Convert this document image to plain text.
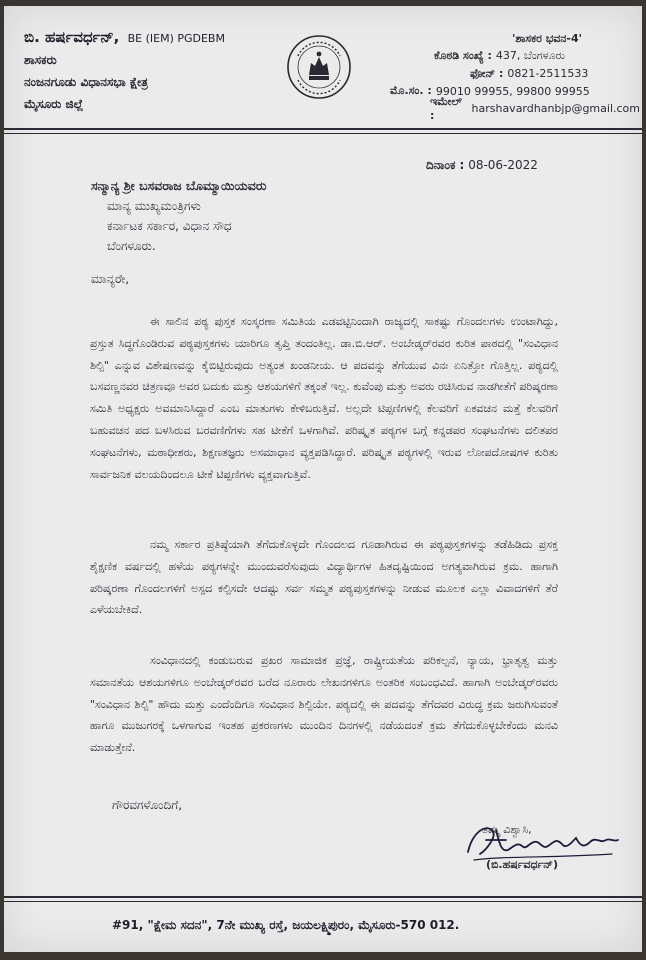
ಬಿ. ಹರ್ಷವರ್ಧನ್, BE (IEM) PGDEBM
ಶಾಸಕರು
ನಂಜನಗೂಡು ವಿಧಾನಸಭಾ ಕ್ಷೇತ್ರ
ಮೈಸೂರು ಜಿಲ್ಲೆ
'ಶಾಸಕರ ಭವನ-4'
ಕೊಠಡಿ ಸಂಖ್ಯೆ : 437, ಬೆಂಗಳೂರು
ಫೋನ್ : 0821-2511533
ಮೊ.ಸಂ. : 99010 99955, 99800 99955
ಇಮೇಲ್ :
harshavardhanbjp@gmail.com
ದಿನಾಂಕ : 08-06-2022
ಸನ್ಮಾನ್ಯ ಶ್ರೀ ಬಸವರಾಜ ಬೊಮ್ಮಾಯಿಯವರು
ಮಾನ್ಯ ಮುಖ್ಯಮಂತ್ರಿಗಳು
ಕರ್ನಾಟಕ ಸರ್ಕಾರ, ವಿಧಾನ ಸೌಧ
ಬೆಂಗಳೂರು.
ಮಾನ್ಯರೇ,
ಈ ಸಾಲಿನ ಪಠ್ಯ ಪುಸ್ತಕ ಸಂಸ್ಕರಣಾ ಸಮಿತಿಯ ಎಡವಟ್ಟಿನಿಂದಾಗಿ ರಾಜ್ಯದಲ್ಲಿ ಸಾಕಷ್ಟು ಗೊಂದಲಗಳು ಉಂಟಾಗಿದ್ದು, ಪ್ರಸ್ತುತ ಸಿದ್ಧಗೊಂಡಿರುವ ಪಠ್ಯಪುಸ್ತಕಗಳು ಯಾರಿಗೂ ತೃಪ್ತಿ ತಂದಂತಿಲ್ಲ. ಡಾ.ಬಿ.ಆರ್. ಅಂಬೇಡ್ಕರ್‌ರವರ ಕುರಿತ ಪಾಠದಲ್ಲಿ "ಸಂವಿಧಾನ ಶಿಲ್ಪಿ" ಎನ್ನುವ ವಿಶೇಷಣವನ್ನು ಕೈಬಿಟ್ಟಿರುವುದು ಅತ್ಯಂತ ಖಂಡನೀಯ. ಆ ಪದವನ್ನು ತೆಗೆಯುವ ವಿನಃ ಏನಿತ್ತೋ ಗೊತ್ತಿಲ್ಲ. ಪಠ್ಯದಲ್ಲಿ ಬಸವಣ್ಣನವರ ಚಿತ್ರಣವೂ ಅವರ ಬದುಕು ಮತ್ತು ಆಶಯಗಳಿಗೆ ತಕ್ಕಂತೆ ಇಲ್ಲ. ಕುವೆಂಪು ಮತ್ತು ಅವರು ರಚಿಸಿರುವ ನಾಡಗೀತೆಗೆ ಪರಿಷ್ಕರಣಾ ಸಮಿತಿ ಅಧ್ಯಕ್ಷರು ಅವಮಾನಿಸಿದ್ದಾರೆ ಎಂಬ ಮಾತುಗಳು ಕೇಳಿಬರುತ್ತಿವೆ. ಅಲ್ಲದೇ ಟಿಪ್ಪಣಿಗಳಲ್ಲಿ ಕೆಲವರಿಗೆ ಏಕವಚನ ಮತ್ತೆ ಕೆಲವರಿಗೆ ಬಹುವಚನ ಪದ ಬಳಸಿರುವ ಬರವಣಿಗೆಗಳು ಸಹ ಟೀಕೆಗೆ ಒಳಗಾಗಿವೆ. ಪರಿಷ್ಕೃತ ಪಠ್ಯಗಳ ಬಗ್ಗೆ ಕನ್ನಡಪರ ಸಂಘಟನೆಗಳು ದಲಿತಪರ ಸಂಘಟನೆಗಳು, ಮಠಾಧೀಶರು, ಶಿಕ್ಷಣತಜ್ಞರು ಅಸಮಾಧಾನ ವ್ಯಕ್ತಪಡಿಸಿದ್ದಾರೆ. ಪರಿಷ್ಕೃತ ಪಠ್ಯಗಳಲ್ಲಿ ಇರುವ ಲೋಪದೋಷಗಳ ಕುರಿತು ಸಾರ್ವಜನಿಕ ವಲಯದಿಂದಲೂ ಟೀಕೆ ಟಿಪ್ಪಣಿಗಳು ವ್ಯಕ್ತವಾಗುತ್ತಿವೆ.
ನಮ್ಮ ಸರ್ಕಾರ ಪ್ರತಿಷ್ಠೆಯಾಗಿ ತೆಗೆದುಕೊಳ್ಳದೇ ಗೊಂದಲದ ಗೂಡಾಗಿರುವ ಈ ಪಠ್ಯಪುಸ್ತಕಗಳನ್ನು ತಡೆಹಿಡಿದು ಪ್ರಸಕ್ತ ಶೈಕ್ಷಣಿಕ ವರ್ಷದಲ್ಲಿ ಹಳೆಯ ಪಠ್ಯಗಳನ್ನೇ ಮುಂದುವರೆಸುವುದು ವಿದ್ಯಾರ್ಥಿಗಳ ಹಿತದೃಷ್ಟಿಯಿಂದ ಅಗತ್ಯವಾಗಿರುವ ಕ್ರಮ. ಹಾಗಾಗಿ ಪರಿಷ್ಕರಣಾ ಗೊಂದಲಗಳಿಗೆ ಅಸ್ಪದ ಕಲ್ಪಿಸದೇ ಆದಷ್ಟು ಸರ್ವ ಸಮ್ಮತ ಪಠ್ಯಪುಸ್ತಕಗಳನ್ನು ನೀಡುವ ಮೂಲಕ ಎಲ್ಲಾ ವಿವಾದಗಳಿಗೆ ತೆರೆ ಎಳೆಯಬೇಕಿದೆ.
ಸಂವಿಧಾನದಲ್ಲಿ ಕಂಡುಬರುವ ಪ್ರಖರ ಸಾಮಾಜಿಕ ಪ್ರಜ್ಞೆ, ರಾಷ್ಟ್ರೀಯತೆಯ ಪರಿಕಲ್ಪನೆ, ನ್ಯಾಯ, ಭ್ರಾತೃತ್ವ ಮತ್ತು ಸಮಾನತೆಯ ಆಶಯಗಳಿಗೂ ಅಂಬೇಡ್ಕರ್‌ರವರ ಬರೆದ ನೂರಾರು ಲೇಖನಗಳಿಗೂ ಅಂತರಿಕ ಸಂಬಂಧವಿದೆ. ಹಾಗಾಗಿ ಅಂಬೇಡ್ಕರ್‌ರವರು "ಸಂವಿಧಾನ ಶಿಲ್ಪಿ" ಹೌದು ಮತ್ತು ಎಂದೆಂದಿಗೂ ಸಂವಿಧಾನ ಶಿಲ್ಪಿಯೇ. ಪಠ್ಯದಲ್ಲಿ ಈ ಪದವನ್ನು ತೆಗೆದವರ ವಿರುದ್ಧ ಕ್ರಮ ಜರುಗಿಸುವಂತೆ ಹಾಗೂ ಮುಜುಗರಕ್ಕೆ ಒಳಗಾಗುವ ಇಂತಹ ಪ್ರಕರಣಗಳು ಮುಂದಿನ ದಿನಗಳಲ್ಲಿ ನಡೆಯದಂತೆ ಕ್ರಮ ತೆಗೆದುಕೊಳ್ಳಬೇಕೆಂದು ಮನವಿ ಮಾಡುತ್ತೇನೆ.
ಗೌರವಗಳೊಂದಿಗೆ,
ತಮ್ಮ ವಿಶ್ವಾಸಿ,
(ಬಿ.ಹರ್ಷವರ್ಧನ್)
#91, "ಕ್ಷೇಮ ಸದನ", 7ನೇ ಮುಖ್ಯ ರಸ್ತೆ, ಜಯಲಕ್ಷ್ಮಿಪುರಂ, ಮೈಸೂರು-570 012.
